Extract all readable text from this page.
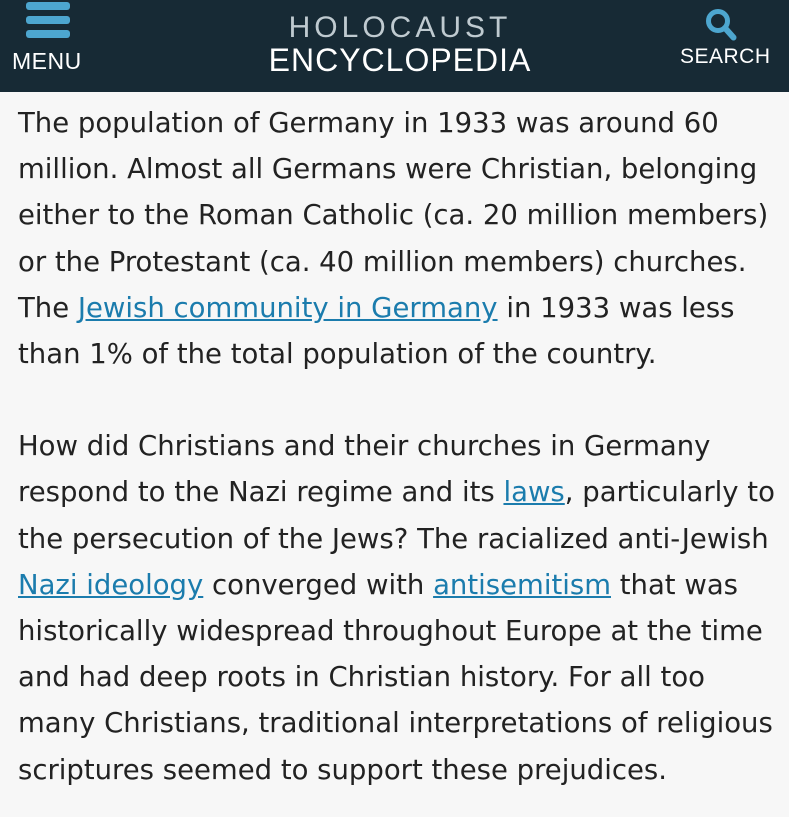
MENU
HOLOCAUST
ENCYCLOPEDIA	SEARCH

The population of Germany in 1933 was around 60 million. Almost all Germans were Christian, belonging either to the Roman Catholic (ca. 20 million members) or the Protestant (ca. 40 million members) churches. The Jewish community in Germany in 1933 was less than 1% of the total population of the country.

How did Christians and their churches in Germany respond to the Nazi regime and its laws, particularly to the persecution of the Jews? The racialized anti-Jewish Nazi ideology converged with antisemitism that was historically widespread throughout Europe at the time and had deep roots in Christian history. For all too many Christians, traditional interpretations of religious scriptures seemed to support these prejudices.
